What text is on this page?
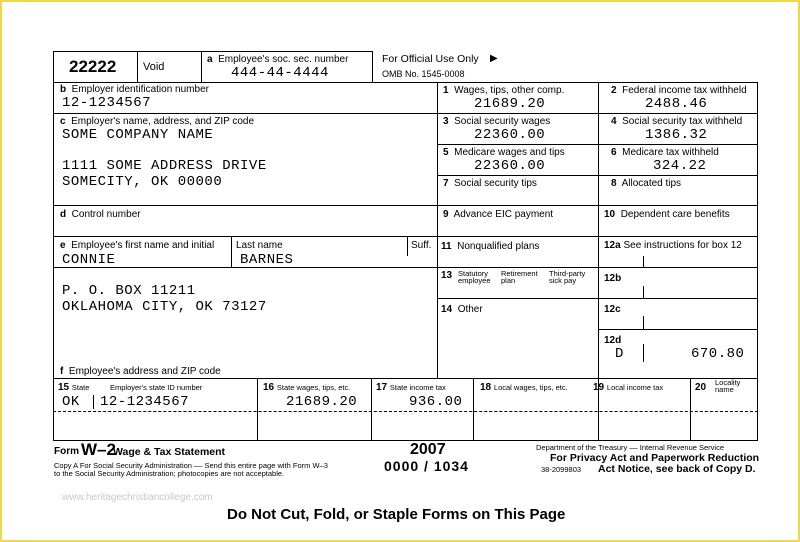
22222 Void
a Employee's soc. sec. number
444-44-4444
For Official Use Only ▶
OMB No. 1545-0008
b Employer identification number
12-1234567
c Employer's name, address, and ZIP code
SOME COMPANY NAME
1111 SOME ADDRESS DRIVE
SOMECITY, OK 00000
d Control number
e Employee's first name and initial Last name	Suff.
CONNIE	BARNES
P. O. BOX 11211
OKLAHOMA CITY, OK 73127
f Employee's address and ZIP code
1 Wages, tips, other comp.
21689.20
3 Social security wages
22360.00
5 Medicare wages and tips
22360.00
7 Social security tips
9 Advance EIC payment
11 Nonqualified plans
13 Statutory
employee
Retirement
plan
Third-party
sick pay
14 Other
2 Federal income tax withheld
2488.46
4 Social security tax withheld
1386.32
6 Medicare tax withheld
324.22
8 Allocated tips
10 Dependent care benefits
12a See instructions for box 12
12b
12c
12d
D	670.80
15 State	Employer's state ID number
OK 12-1234567
16 State wages, tips, etc.
21689.20
17 State income tax
936.00
18 Local wages, tips, etc.	19 Local income tax	20 Locality
name
Form W–2
Wage & Tax Statement	2007
0000 / 1034
Copy A For Social Security Administration –– Send this entire page with Form W–3
to the Social Security Administration; photocopies are not acceptable.
Department of the Treasury –– Internal Revenue Service
For Privacy Act and Paperwork Reduction
38-2099803 Act Notice, see back of Copy D.
www.heritagechristiancollege.com
Do Not Cut, Fold, or Staple Forms on This Page
